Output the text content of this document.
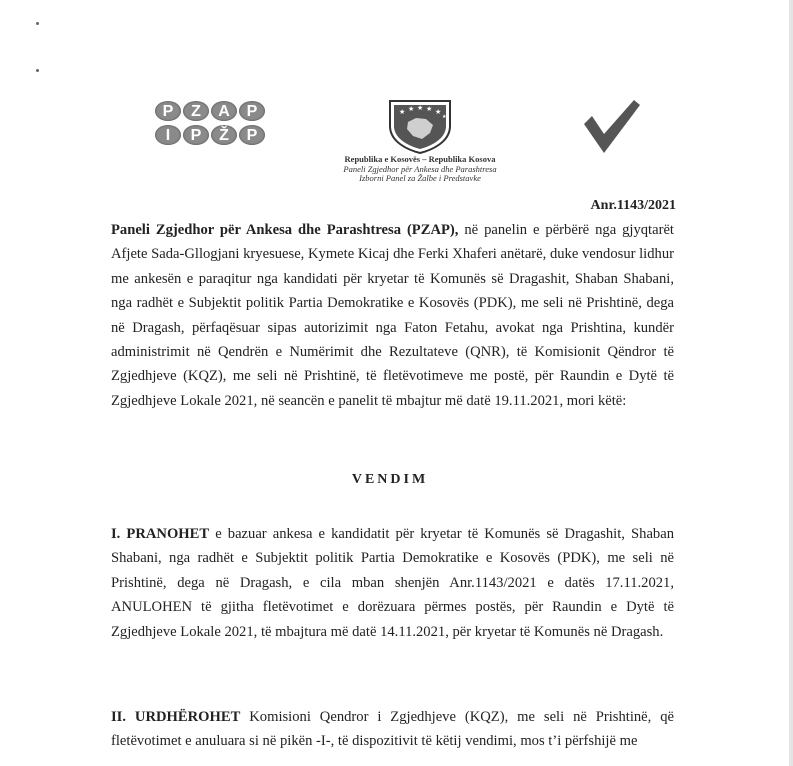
P	Z	A	P
I	P	Ž	P
★ ★ ★ ★ ★
★
Republika e Kosovës – Republika Kosova
Paneli Zgjedhor për Ankesa dhe Parashtresa
Izborni Panel za Žalbe i Predstavke
Anr.1143/2021
Paneli Zgjedhor për Ankesa dhe Parashtresa (PZAP), në panelin e përbërë nga gjyqtarët Afjete Sada-Gllogjani kryesuese, Kymete Kicaj dhe Ferki Xhaferi anëtarë, duke vendosur lidhur me ankesën e paraqitur nga kandidati për kryetar të Komunës së Dragashit, Shaban Shabani, nga radhët e Subjektit politik Partia Demokratike e Kosovës (PDK), me seli në Prishtinë, dega në Dragash, përfaqësuar sipas autorizimit nga Faton Fetahu, avokat nga Prishtina, kundër administrimit në Qendrën e Numërimit dhe Rezultateve (QNR), të Komisionit Qëndror të Zgjedhjeve (KQZ), me seli në Prishtinë, të fletëvotimeve me postë, për Raundin e Dytë të Zgjedhjeve Lokale 2021, në seancën e panelit të mbajtur më datë 19.11.2021, mori këtë:
VENDIM
I. PRANOHET e bazuar ankesa e kandidatit për kryetar të Komunës së Dragashit, Shaban Shabani, nga radhët e Subjektit politik Partia Demokratike e Kosovës (PDK), me seli në Prishtinë, dega në Dragash, e cila mban shenjën Anr.1143/2021 e datës 17.11.2021, ANULOHEN të gjitha fletëvotimet e dorëzuara përmes postës, për Raundin e Dytë të Zgjedhjeve Lokale 2021, të mbajtura më datë 14.11.2021, për kryetar të Komunës në Dragash.
II. URDHËROHET Komisioni Qendror i Zgjedhjeve (KQZ), me seli në Prishtinë, që fletëvotimet e anuluara si në pikën -I-, të dispozitivit të këtij vendimi, mos t’i përfshijë me
